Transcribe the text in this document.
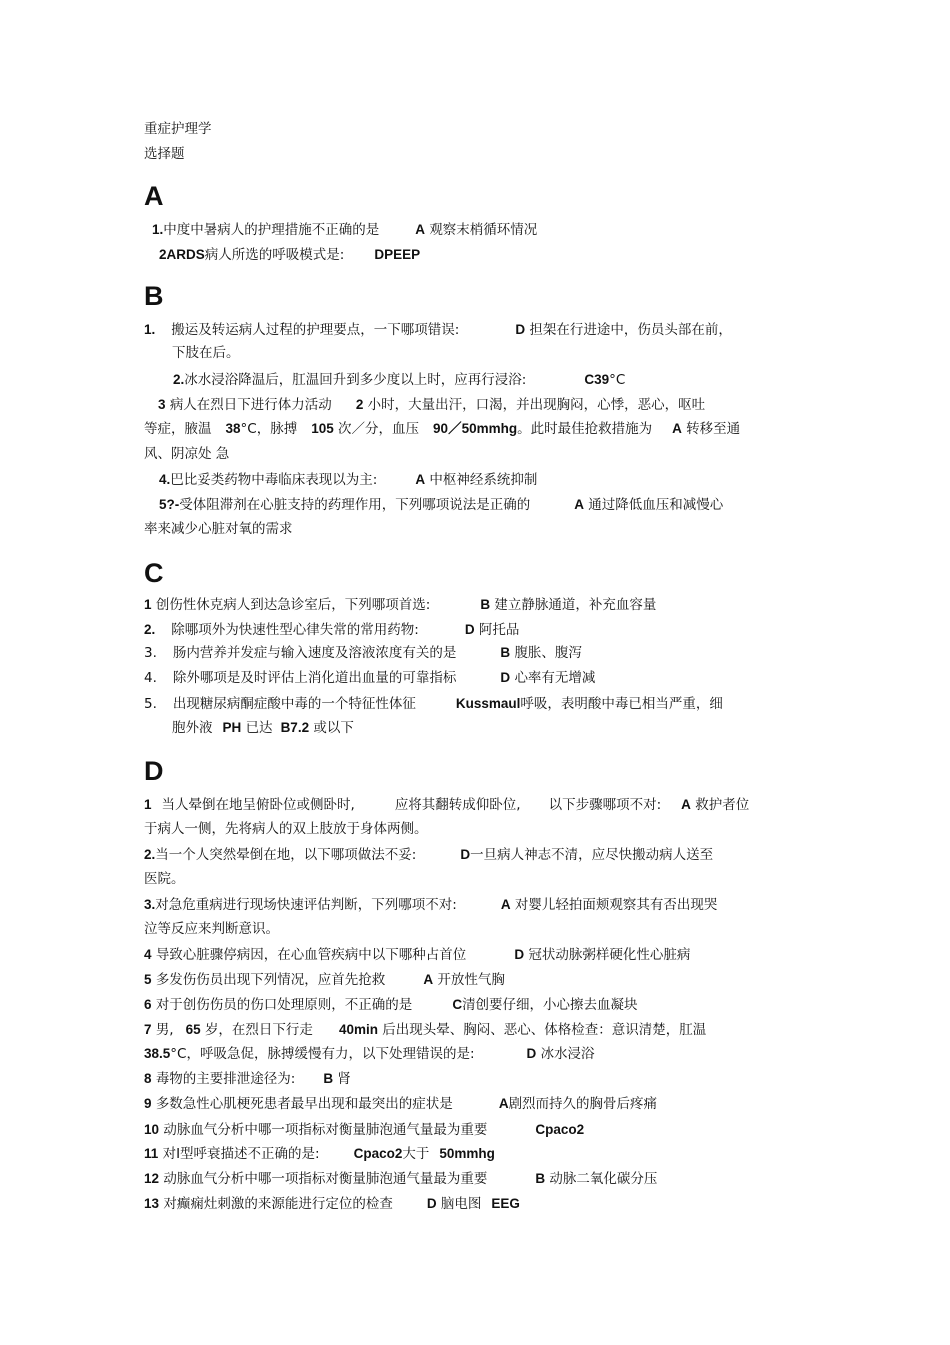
重症护理学
选择题
A
1.中度中暑病人的护理措施不正确的是	A 观察末梢循环情况
2ARDS病人所选的呼吸模式是: DPEEP
B
1. 搬运及转运病人过程的护理要点，一下哪项错误:	D 担架在行进途中，伤员头部在前，
下肢在后。
2.冰水浸浴降温后，肛温回升到多少度以上时，应再行浸浴:	C39°C
3 病人在烈日下进行体力活动 2 小时，大量出汗，口渴，并出现胸闷，心悸，恶心，呕吐
等症，腋温 38°C，脉搏 105 次／分，血压 90／50mmhg。此时最佳抢救措施为 A 转移至通
风、阴凉处 急
4.巴比妥类药物中毒临床表现以为主:	A 中枢神经系统抑制
5?-受体阻滞剂在心脏支持的药理作用，下列哪项说法是正确的	A 通过降低血压和减慢心
率来减少心脏对氧的需求
C
1 创伤性休克病人到达急诊室后，下列哪项首选:	B 建立静脉通道，补充血容量
2. 除哪项外为快速性型心律失常的常用药物:	D 阿托品
3. 肠内营养并发症与输入速度及溶液浓度有关的是	B 腹胀、腹泻
4. 除外哪项是及时评估上消化道出血量的可靠指标	D 心率有无增减
5. 出现糖尿病酮症酸中毒的一个特征性体征	Kussmaul呼吸，表明酸中毒已相当严重，细
胞外液 PH 已达 B7.2 或以下
D
1 当人晕倒在地呈俯卧位或侧卧时,	应将其翻转成仰卧位, 以下步骤哪项不对: A 救护者位
于病人一侧，先将病人的双上肢放于身体两侧。
2.当一个人突然晕倒在地，以下哪项做法不妥:	D一旦病人神志不清，应尽快搬动病人送至
医院。
3.对急危重病进行现场快速评估判断，下列哪项不对:	A 对婴儿轻拍面颊观察其有否出现哭
泣等反应来判断意识。
4 导致心脏骤停病因，在心血管疾病中以下哪种占首位	D 冠状动脉粥样硬化性心脏病
5 多发伤伤员出现下列情况，应首先抢救	A 开放性气胸
6 对于创伤伤员的伤口处理原则，不正确的是	C清创要仔细，小心擦去血凝块
7 男, 65 岁，在烈日下行走 40min 后出现头晕、胸闷、恶心、体格检查：意识清楚，肛温
38.5°C，呼吸急促，脉搏缓慢有力，以下处理错误的是:	D 冰水浸浴
8 毒物的主要排泄途径为: B 肾
9 多数急性心肌梗死患者最早出现和最突出的症状是	A剧烈而持久的胸骨后疼痛
10 动脉血气分析中哪一项指标对衡量肺泡通气量最为重要	Cpaco2
11 对Ⅰ型呼衰描述不正确的是:	Cpaco2大于 50mmhg
12 动脉血气分析中哪一项指标对衡量肺泡通气量最为重要	B 动脉二氧化碳分压
13 对癫痫灶刺激的来源能进行定位的检查	D 脑电图 EEG
